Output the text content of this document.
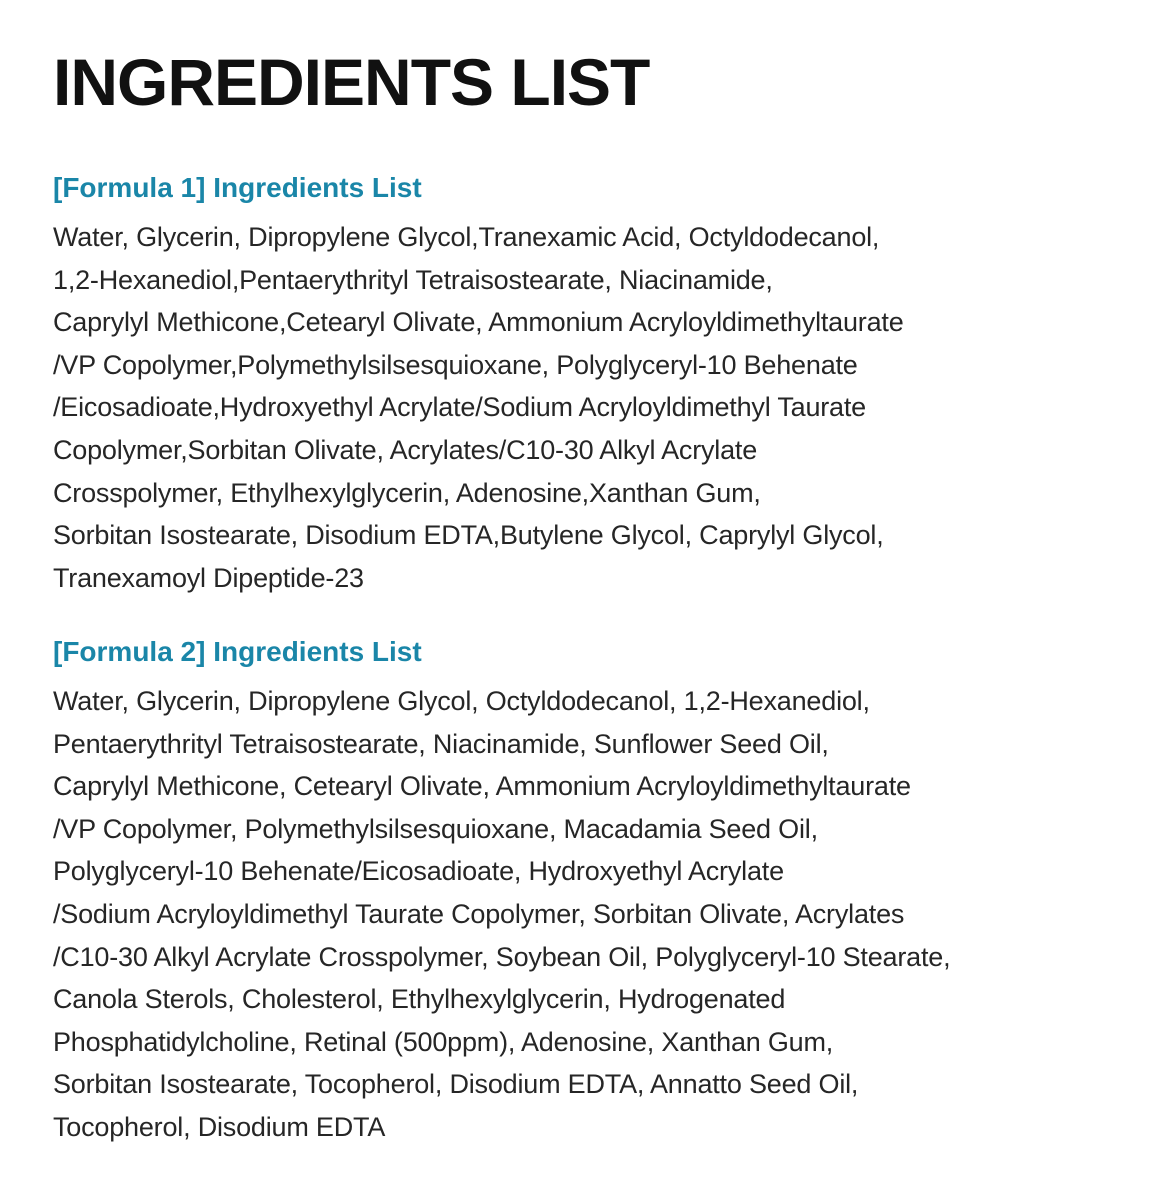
INGREDIENTS LIST
[Formula 1] Ingredients List
Water, Glycerin, Dipropylene Glycol,Tranexamic Acid, Octyldodecanol,
1,2-Hexanediol,Pentaerythrityl Tetraisostearate, Niacinamide,
Caprylyl Methicone,Cetearyl Olivate, Ammonium Acryloyldimethyltaurate
/VP Copolymer,Polymethylsilsesquioxane, Polyglyceryl-10 Behenate
/Eicosadioate,Hydroxyethyl Acrylate/Sodium Acryloyldimethyl Taurate
Copolymer,Sorbitan Olivate, Acrylates/C10-30 Alkyl Acrylate
Crosspolymer, Ethylhexylglycerin, Adenosine,Xanthan Gum,
Sorbitan Isostearate, Disodium EDTA,Butylene Glycol, Caprylyl Glycol,
Tranexamoyl Dipeptide-23
[Formula 2] Ingredients List
Water, Glycerin, Dipropylene Glycol, Octyldodecanol, 1,2-Hexanediol,
Pentaerythrityl Tetraisostearate, Niacinamide, Sunflower Seed Oil,
Caprylyl Methicone, Cetearyl Olivate, Ammonium Acryloyldimethyltaurate
/VP Copolymer, Polymethylsilsesquioxane, Macadamia Seed Oil,
Polyglyceryl-10 Behenate/Eicosadioate, Hydroxyethyl Acrylate
/Sodium Acryloyldimethyl Taurate Copolymer, Sorbitan Olivate, Acrylates
/C10-30 Alkyl Acrylate Crosspolymer, Soybean Oil, Polyglyceryl-10 Stearate,
Canola Sterols, Cholesterol, Ethylhexylglycerin, Hydrogenated
Phosphatidylcholine, Retinal (500ppm), Adenosine, Xanthan Gum,
Sorbitan Isostearate, Tocopherol, Disodium EDTA, Annatto Seed Oil,
Tocopherol, Disodium EDTA
